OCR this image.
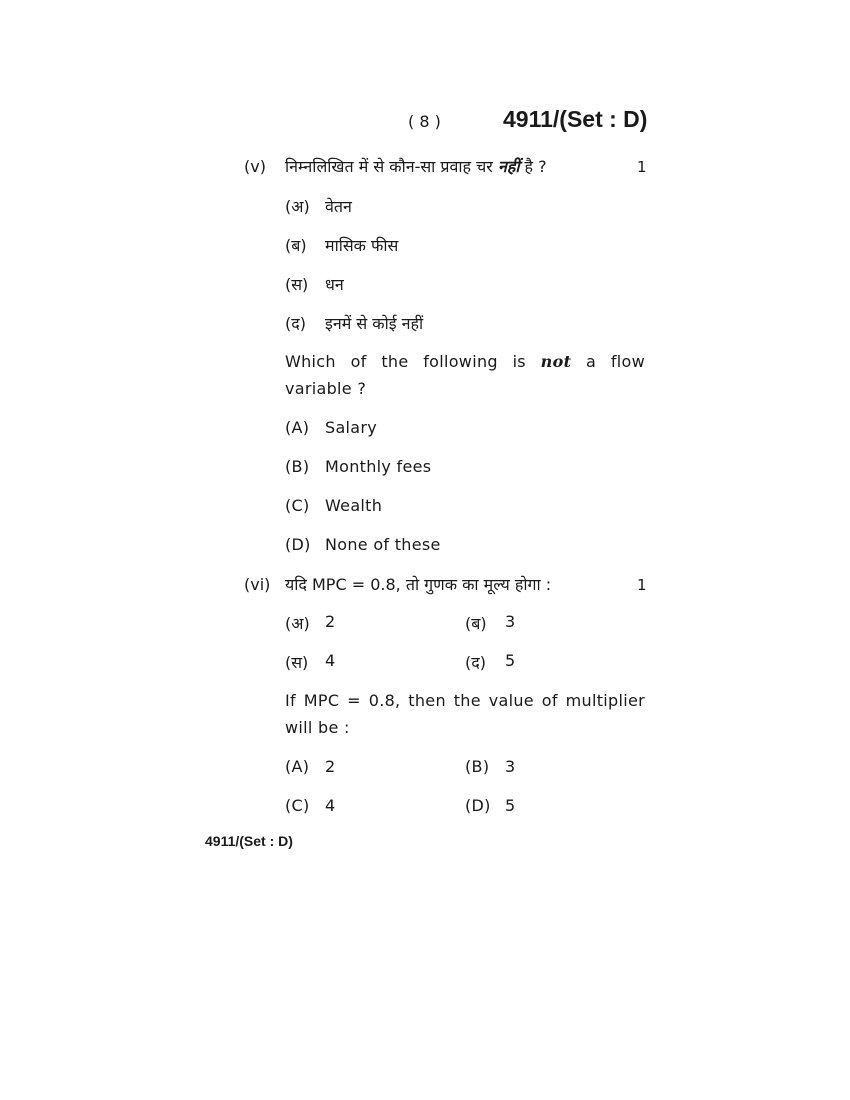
( 8 )	4911/(Set : D)
(v) निम्नलिखित में से कौन-सा प्रवाह चर नहीं है ?	1
(अ) वेतन
(ब) मासिक फीस
(स) धन
(द) इनमें से कोई नहीं
Which of the following is not a flow variable ?
(A) Salary
(B) Monthly fees
(C) Wealth
(D) None of these
(vi) यदि MPC = 0.8, तो गुणक का मूल्य होगा :	1
(अ) 2	(ब) 3
(स) 4	(द) 5
If MPC = 0.8, then the value of multiplier will be :
(A) 2	(B) 3
(C) 4	(D) 5
4911/(Set : D)
